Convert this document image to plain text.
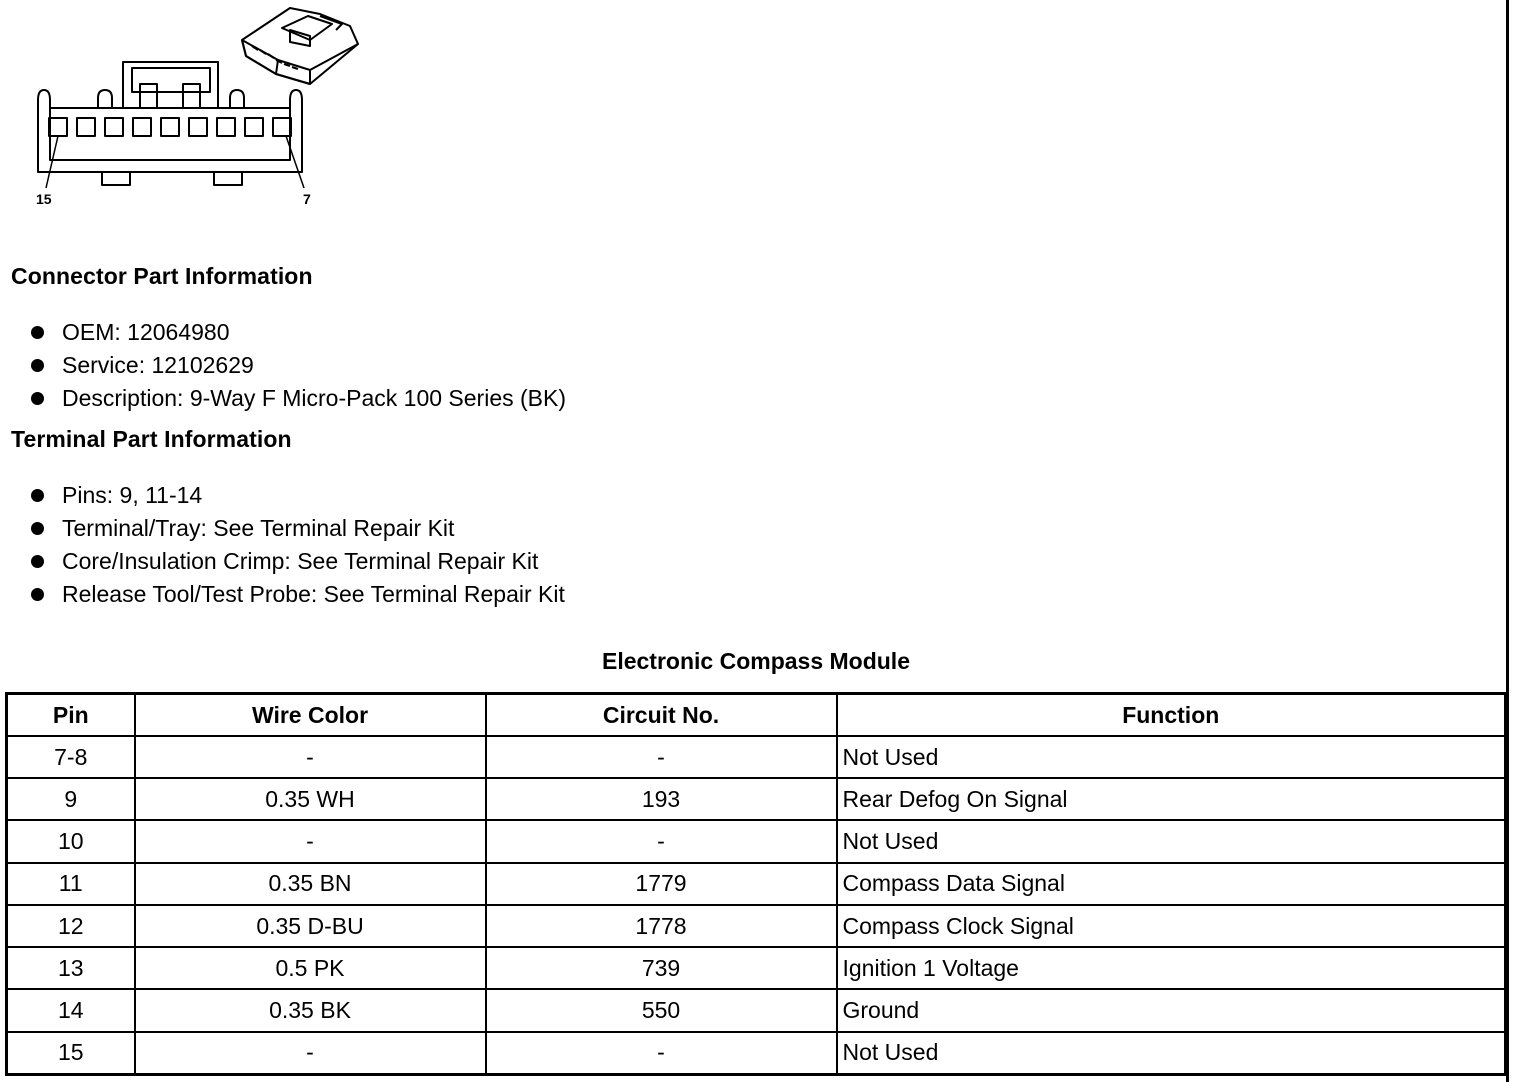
15	7
Connector Part Information
OEM: 12064980
Service: 12102629
Description: 9-Way F Micro-Pack 100 Series (BK)
Terminal Part Information
Pins: 9, 11-14
Terminal/Tray: See Terminal Repair Kit
Core/Insulation Crimp: See Terminal Repair Kit
Release Tool/Test Probe: See Terminal Repair Kit
Electronic Compass Module
Pin	Wire Color	Circuit No.	Function
7-8	-	-	Not Used
9	0.35 WH	193	Rear Defog On Signal
10	-	-	Not Used
11	0.35 BN	1779	Compass Data Signal
12	0.35 D-BU	1778	Compass Clock Signal
13	0.5 PK	739	Ignition 1 Voltage
14	0.35 BK	550	Ground
15	-	-	Not Used
